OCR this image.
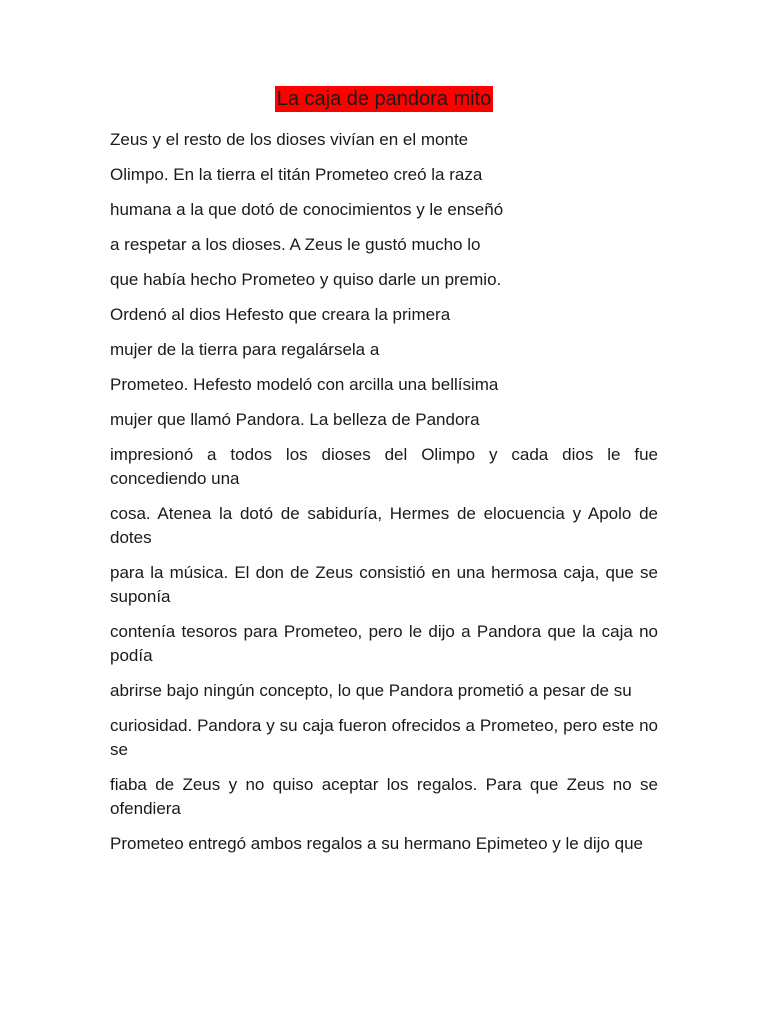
La caja de pandora mito

Zeus y el resto de los dioses vivían en el monte

Olimpo. En la tierra el titán Prometeo creó la raza

humana a la que dotó de conocimientos y le enseñó

a respetar a los dioses. A Zeus le gustó mucho lo

que había hecho Prometeo y quiso darle un premio.

Ordenó al dios Hefesto que creara la primera

mujer de la tierra para regalársela a

Prometeo. Hefesto modeló con arcilla una bellísima

mujer que llamó Pandora. La belleza de Pandora

impresionó a todos los dioses del Olimpo y cada dios le fue concediendo una

cosa. Atenea la dotó de sabiduría, Hermes de elocuencia y Apolo de dotes

para la música. El don de Zeus consistió en una hermosa caja, que se suponía

contenía tesoros para Prometeo, pero le dijo a Pandora que la caja no podía

abrirse bajo ningún concepto, lo que Pandora prometió a pesar de su

curiosidad. Pandora y su caja fueron ofrecidos a Prometeo, pero este no se

fiaba de Zeus y no quiso aceptar los regalos. Para que Zeus no se ofendiera

Prometeo entregó ambos regalos a su hermano Epimeteo y le dijo que
